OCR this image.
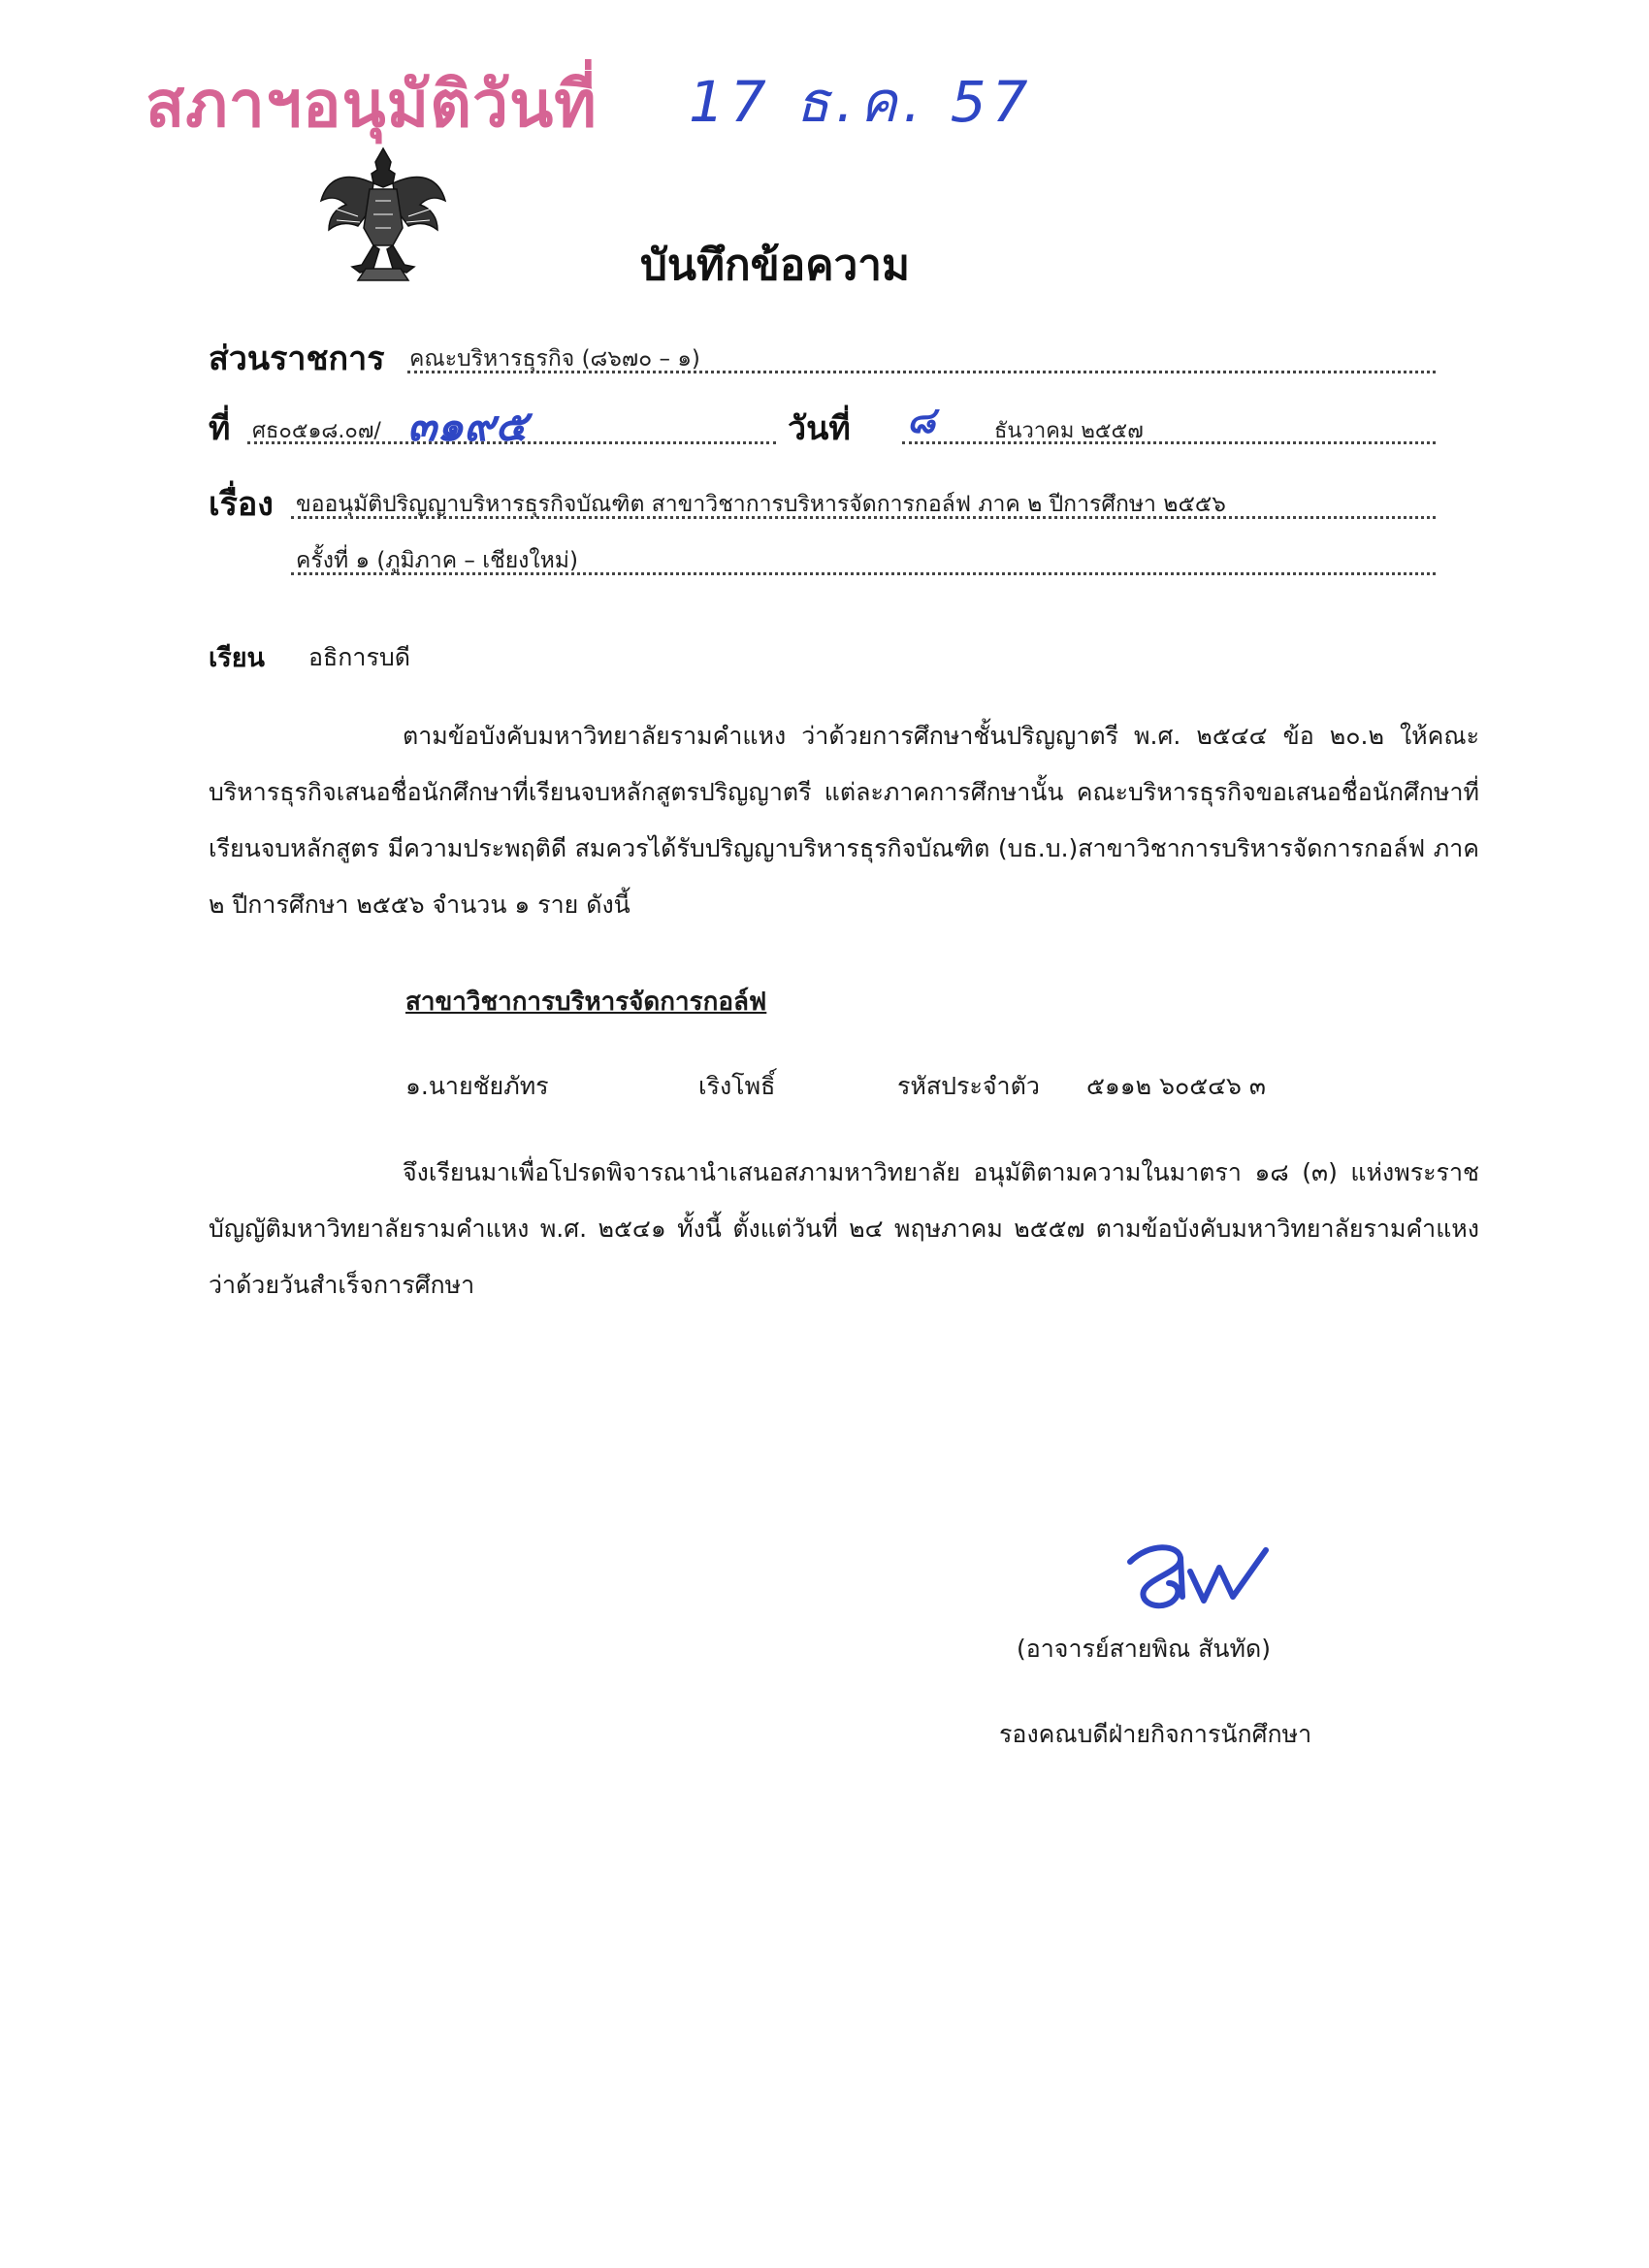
สภาฯอนุมัติวันที่ 17 ธ.ค. 57
บันทึกข้อความ
ส่วนราชการ คณะบริหารธุรกิจ (๘๖๗๐ – ๑)
ที่ ศธ๐๕๑๘.๐๗/ ๓๑๙๕	วันที่ ๘	ธันวาคม ๒๕๕๗
เรื่อง ขออนุมัติปริญญาบริหารธุรกิจบัณฑิต สาขาวิชาการบริหารจัดการกอล์ฟ ภาค ๒ ปีการศึกษา ๒๕๕๖
ครั้งที่ ๑ (ภูมิภาค – เชียงใหม่)
เรียน อธิการบดี
ตามข้อบังคับมหาวิทยาลัยรามคำแหง ว่าด้วยการศึกษาชั้นปริญญาตรี พ.ศ. ๒๕๔๔ ข้อ ๒๐.๒ ให้คณะบริหารธุรกิจเสนอชื่อนักศึกษาที่เรียนจบหลักสูตรปริญญาตรี แต่ละภาคการศึกษานั้น คณะบริหารธุรกิจขอเสนอชื่อนักศึกษาที่เรียนจบหลักสูตร มีความประพฤติดี สมควรได้รับปริญญาบริหารธุรกิจบัณฑิต (บธ.บ.)สาขาวิชาการบริหารจัดการกอล์ฟ ภาค ๒ ปีการศึกษา ๒๕๕๖ จำนวน ๑ ราย ดังนี้
สาขาวิชาการบริหารจัดการกอล์ฟ
๑.นายชัยภัทร	เริงโพธิ์	รหัสประจำตัว ๕๑๑๒ ๖๐๕๔๖ ๓
จึงเรียนมาเพื่อโปรดพิจารณานำเสนอสภามหาวิทยาลัย อนุมัติตามความในมาตรา ๑๘ (๓) แห่งพระราชบัญญัติมหาวิทยาลัยรามคำแหง พ.ศ. ๒๕๔๑ ทั้งนี้ ตั้งแต่วันที่ ๒๔ พฤษภาคม ๒๕๕๗ ตามข้อบังคับมหาวิทยาลัยรามคำแหง ว่าด้วยวันสำเร็จการศึกษา
(อาจารย์สายพิณ สันทัด)
รองคณบดีฝ่ายกิจการนักศึกษา
